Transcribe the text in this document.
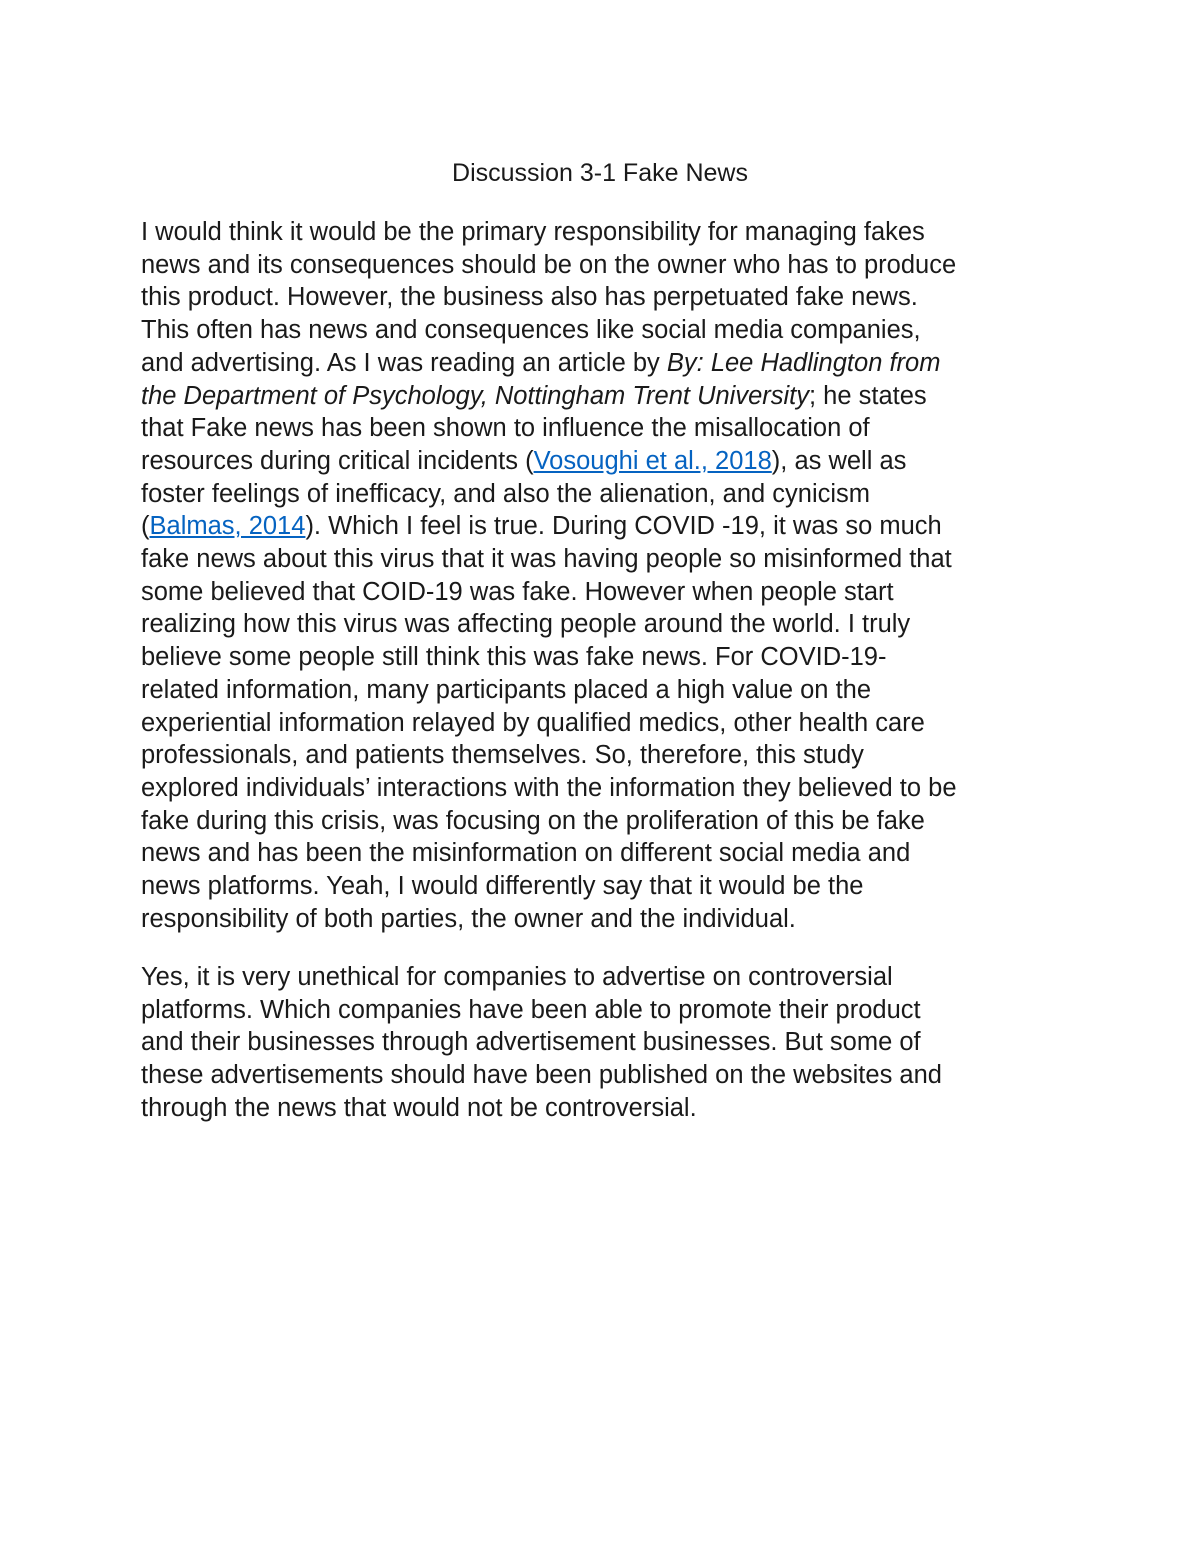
Discussion 3-1 Fake News

I would think it would be the primary responsibility for managing fakes
news and its consequences should be on the owner who has to produce
this product. However, the business also has perpetuated fake news.
This often has news and consequences like social media companies,
and advertising. As I was reading an article by By: Lee Hadlington from
the Department of Psychology, Nottingham Trent University; he states
that Fake news has been shown to influence the misallocation of
resources during critical incidents (Vosoughi et al., 2018), as well as
foster feelings of inefficacy, and also the alienation, and cynicism
(Balmas, 2014). Which I feel is true. During COVID -19, it was so much
fake news about this virus that it was having people so misinformed that
some believed that COID-19 was fake. However when people start
realizing how this virus was affecting people around the world. I truly
believe some people still think this was fake news. For COVID-19-
related information, many participants placed a high value on the
experiential information relayed by qualified medics, other health care
professionals, and patients themselves. So, therefore, this study
explored individuals’ interactions with the information they believed to be
fake during this crisis, was focusing on the proliferation of this be fake
news and has been the misinformation on different social media and
news platforms. Yeah, I would differently say that it would be the
responsibility of both parties, the owner and the individual.

Yes, it is very unethical for companies to advertise on controversial
platforms. Which companies have been able to promote their product
and their businesses through advertisement businesses. But some of
these advertisements should have been published on the websites and
through the news that would not be controversial.
